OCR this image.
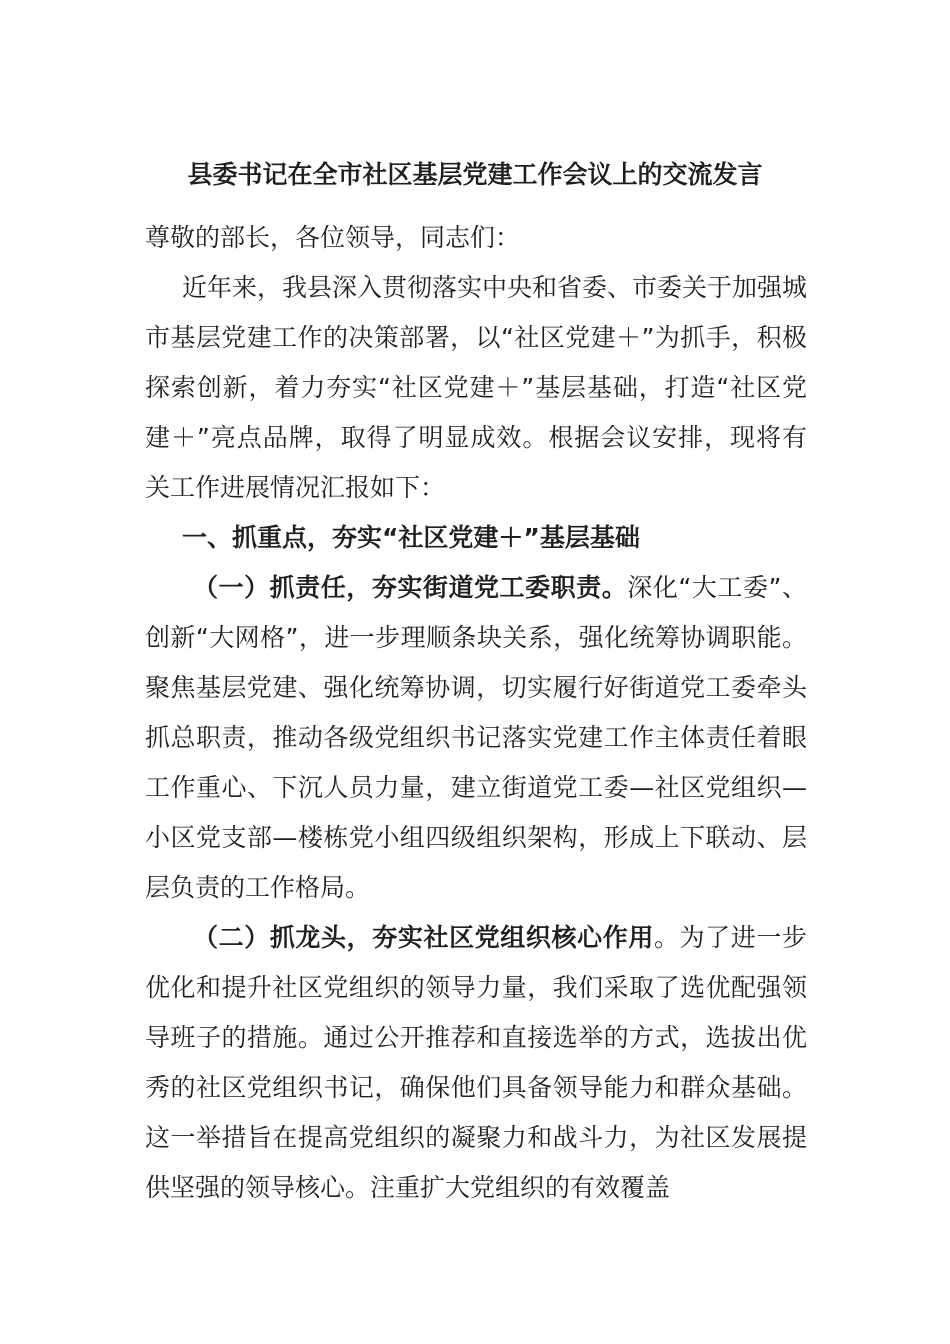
县委书记在全市社区基层党建工作会议上的交流发言

尊敬的部长，各位领导，同志们：

近年来，我县深入贯彻落实中央和省委、市委关于加强城市基层党建工作的决策部署，以“社区党建＋”为抓手，积极探索创新，着力夯实“社区党建＋”基层基础，打造“社区党建＋”亮点品牌，取得了明显成效。根据会议安排，现将有关工作进展情况汇报如下：

一、抓重点，夯实“社区党建＋”基层基础

（一）抓责任，夯实街道党工委职责。深化“大工委”、创新“大网格”，进一步理顺条块关系，强化统筹协调职能。聚焦基层党建、强化统筹协调，切实履行好街道党工委牵头抓总职责，推动各级党组织书记落实党建工作主体责任着眼工作重心、下沉人员力量，建立街道党工委—社区党组织—小区党支部—楼栋党小组四级组织架构，形成上下联动、层层负责的工作格局。

（二）抓龙头，夯实社区党组织核心作用。为了进一步优化和提升社区党组织的领导力量，我们采取了选优配强领导班子的措施。通过公开推荐和直接选举的方式，选拔出优秀的社区党组织书记，确保他们具备领导能力和群众基础。这一举措旨在提高党组织的凝聚力和战斗力，为社区发展提供坚强的领导核心。注重扩大党组织的有效覆盖
